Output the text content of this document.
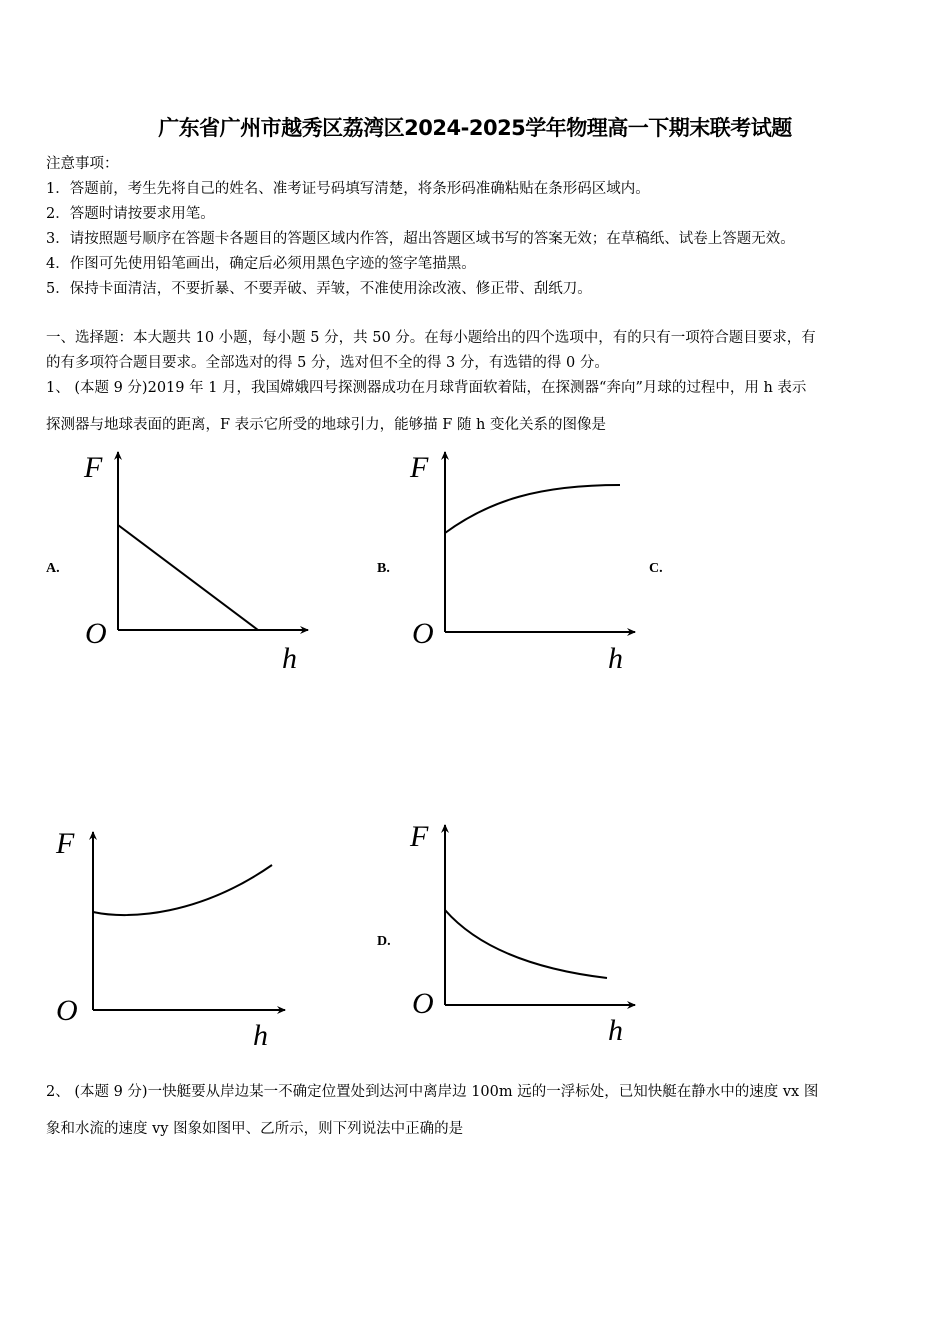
广东省广州市越秀区荔湾区2024-2025学年物理高一下期末联考试题
注意事项：
1．答题前，考生先将自己的姓名、准考证号码填写清楚，将条形码准确粘贴在条形码区域内。
2．答题时请按要求用笔。
3．请按照题号顺序在答题卡各题目的答题区域内作答，超出答题区域书写的答案无效；在草稿纸、试卷上答题无效。
4．作图可先使用铅笔画出，确定后必须用黑色字迹的签字笔描黑。
5．保持卡面清洁，不要折暴、不要弄破、弄皱，不准使用涂改液、修正带、刮纸刀。
一、选择题：本大题共 10 小题，每小题 5 分，共 50 分。在每小题给出的四个选项中，有的只有一项符合题目要求，有
的有多项符合题目要求。全部选对的得 5 分，选对但不全的得 3 分，有选错的得 0 分。
1、 (本题 9 分)2019 年 1 月，我国嫦娥四号探测器成功在月球背面软着陆，在探测器“奔向”月球的过程中，用 h 表示
探测器与地球表面的距离，F 表示它所受的地球引力，能够描 F 随 h 变化关系的图像是
A.	B.	C.
D.
F
O
h
F
O
h
F
O
h
F
O
h
2、 (本题 9 分)一快艇要从岸边某一不确定位置处到达河中离岸边 100m 远的一浮标处，已知快艇在静水中的速度 vx 图
象和水流的速度 vy 图象如图甲、乙所示，则下列说法中正确的是
